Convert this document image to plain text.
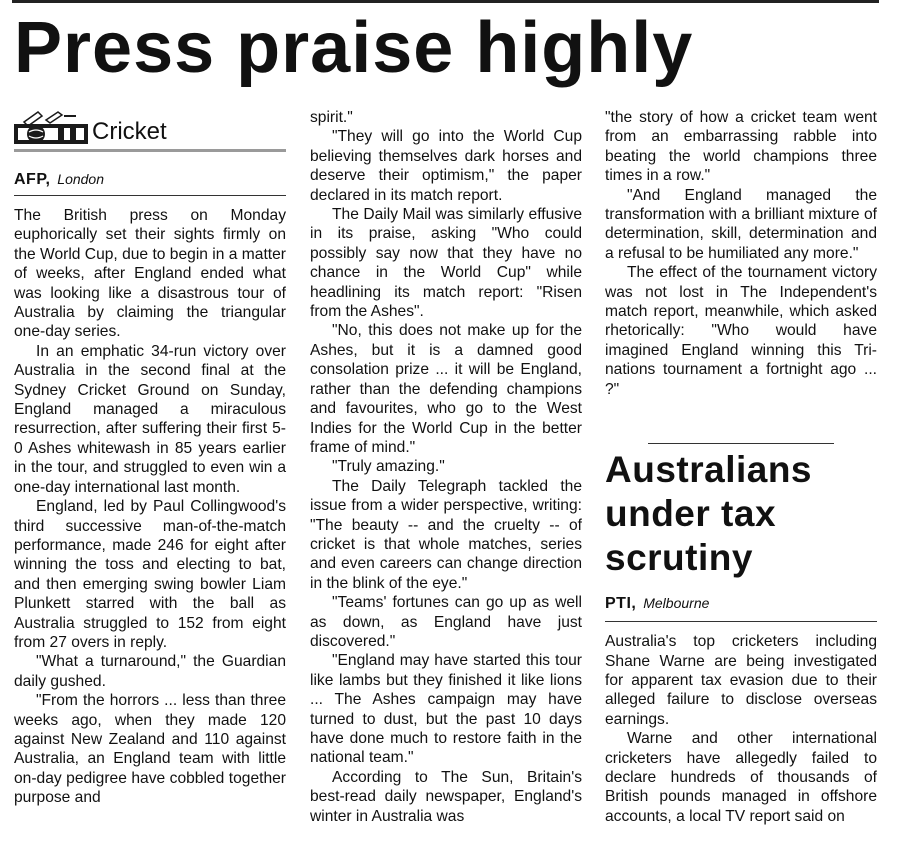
Press praise highly
Cricket
AFP, London

The British press on Monday euphorically set their sights firmly on the World Cup, due to begin in a matter of weeks, after England ended what was looking like a disastrous tour of Australia by claiming the triangular one-day series.

In an emphatic 34-run victory over Australia in the second final at the Sydney Cricket Ground on Sunday, England managed a miraculous resurrection, after suffering their first 5-0 Ashes whitewash in 85 years earlier in the tour, and struggled to even win a one-day international last month.

England, led by Paul Collingwood's third successive man-of-the-match performance, made 246 for eight after winning the toss and electing to bat, and then emerging swing bowler Liam Plunkett starred with the ball as Australia struggled to 152 from eight from 27 overs in reply.

"What a turnaround," the Guardian daily gushed.

"From the horrors ... less than three weeks ago, when they made 120 against New Zealand and 110 against Australia, an England team with little on-day pedigree have cobbled together purpose and

spirit."

"They will go into the World Cup believing themselves dark horses and deserve their optimism," the paper declared in its match report.

The Daily Mail was similarly effusive in its praise, asking "Who could possibly say now that they have no chance in the World Cup" while headlining its match report: "Risen from the Ashes".

"No, this does not make up for the Ashes, but it is a damned good consolation prize ... it will be England, rather than the defending champions and favourites, who go to the West Indies for the World Cup in the better frame of mind."

"Truly amazing."

The Daily Telegraph tackled the issue from a wider perspective, writing: "The beauty -- and the cruelty -- of cricket is that whole matches, series and even careers can change direction in the blink of the eye."

"Teams' fortunes can go up as well as down, as England have just discovered."

"England may have started this tour like lambs but they finished it like lions ... The Ashes campaign may have turned to dust, but the past 10 days have done much to restore faith in the national team."

According to The Sun, Britain's best-read daily newspaper, England's winter in Australia was

"the story of how a cricket team went from an embarrassing rabble into beating the world champions three times in a row."

"And England managed the transformation with a brilliant mixture of determination, skill, determination and a refusal to be humiliated any more."

The effect of the tournament victory was not lost in The Independent's match report, meanwhile, which asked rhetorically: "Who would have imagined England winning this Tri-nations tournament a fortnight ago ... ?"

Australians under tax scrutiny
PTI, Melbourne

Australia's top cricketers including Shane Warne are being investigated for apparent tax evasion due to their alleged failure to disclose overseas earnings.

Warne and other international cricketers have allegedly failed to declare hundreds of thousands of British pounds managed in offshore accounts, a local TV report said on
